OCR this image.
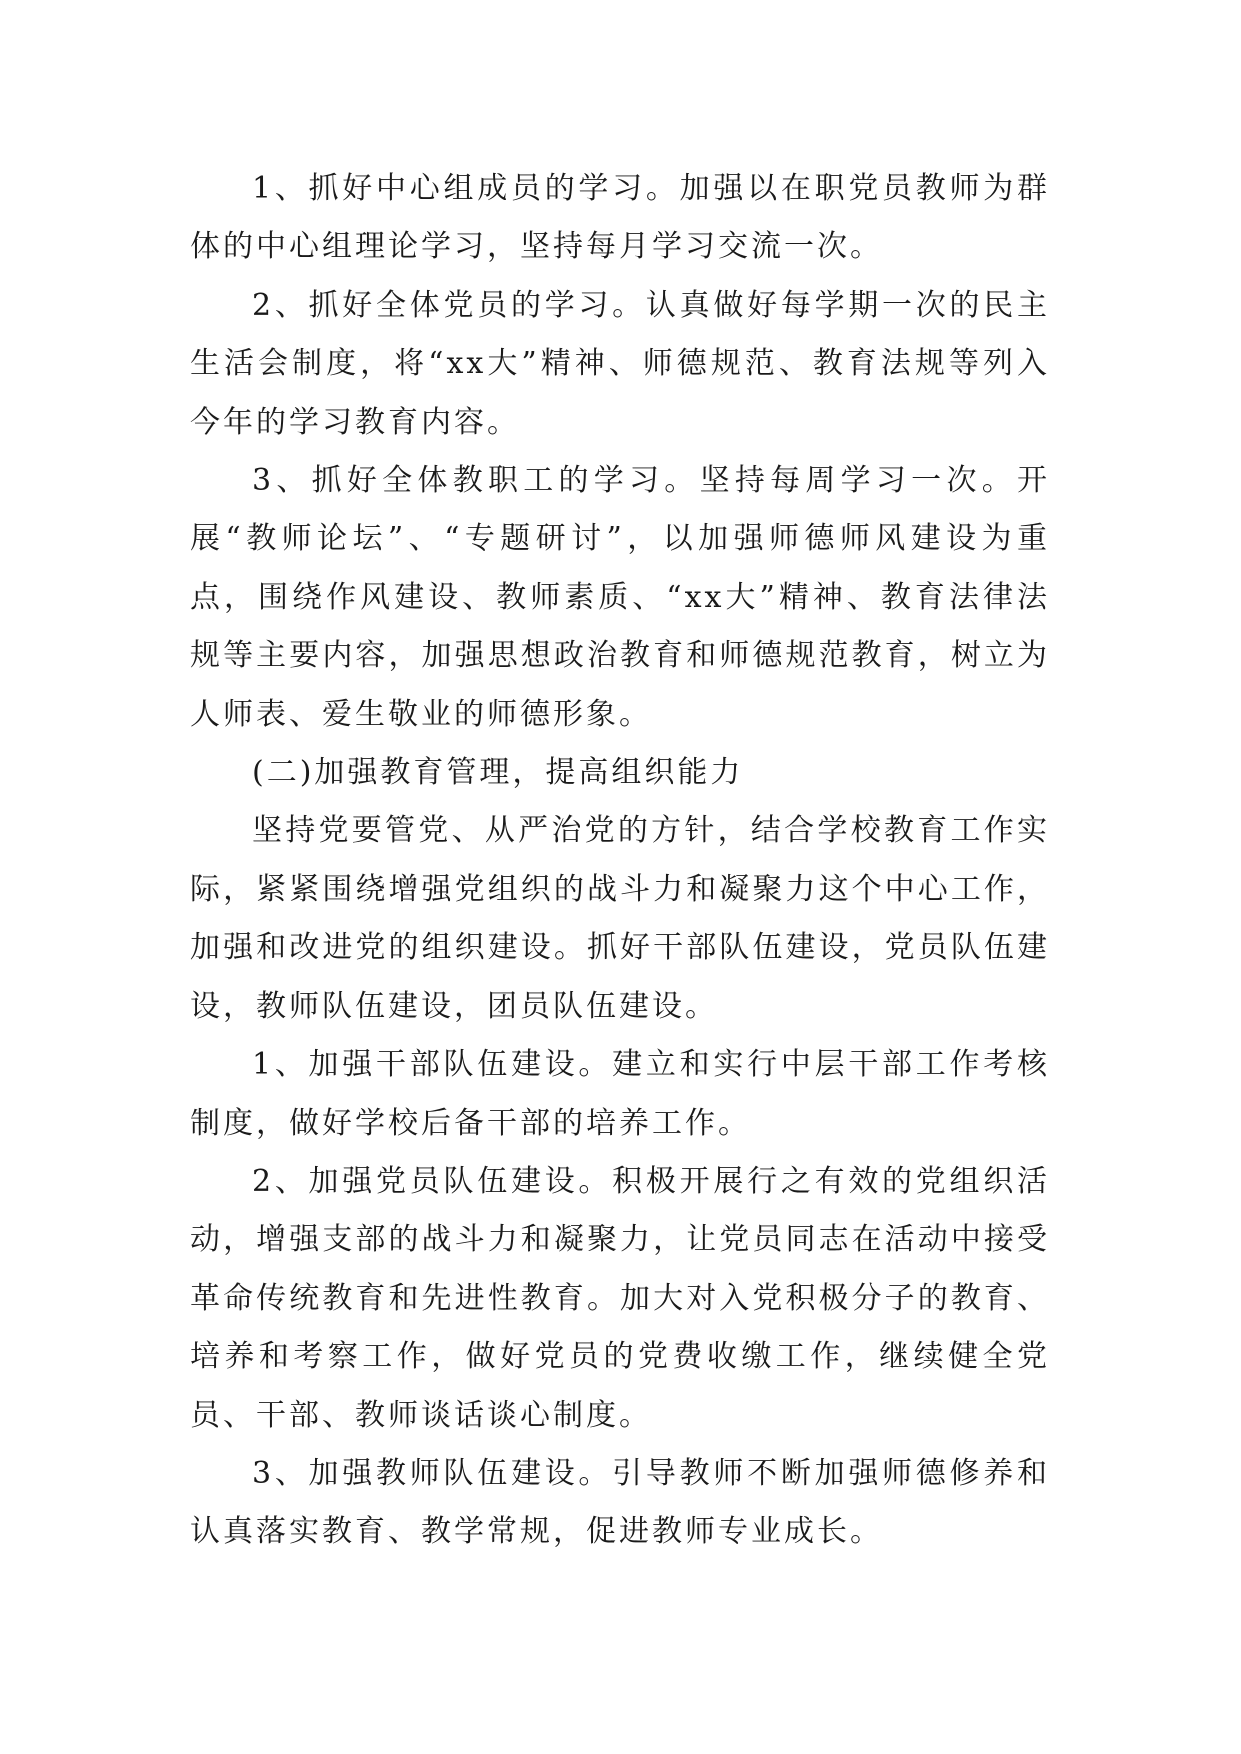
1、抓好中心组成员的学习。加强以在职党员教师为群体的中心组理论学习，坚持每月学习交流一次。

2、抓好全体党员的学习。认真做好每学期一次的民主生活会制度，将“xx大”精神、师德规范、教育法规等列入今年的学习教育内容。

3、抓好全体教职工的学习。坚持每周学习一次。开展“教师论坛”、“专题研讨”，以加强师德师风建设为重点，围绕作风建设、教师素质、“xx大”精神、教育法律法规等主要内容，加强思想政治教育和师德规范教育，树立为人师表、爱生敬业的师德形象。

(二)加强教育管理，提高组织能力

坚持党要管党、从严治党的方针，结合学校教育工作实际，紧紧围绕增强党组织的战斗力和凝聚力这个中心工作，加强和改进党的组织建设。抓好干部队伍建设，党员队伍建设，教师队伍建设，团员队伍建设。

1、加强干部队伍建设。建立和实行中层干部工作考核制度，做好学校后备干部的培养工作。

2、加强党员队伍建设。积极开展行之有效的党组织活动，增强支部的战斗力和凝聚力，让党员同志在活动中接受革命传统教育和先进性教育。加大对入党积极分子的教育、培养和考察工作，做好党员的党费收缴工作，继续健全党员、干部、教师谈话谈心制度。

3、加强教师队伍建设。引导教师不断加强师德修养和认真落实教育、教学常规，促进教师专业成长。
